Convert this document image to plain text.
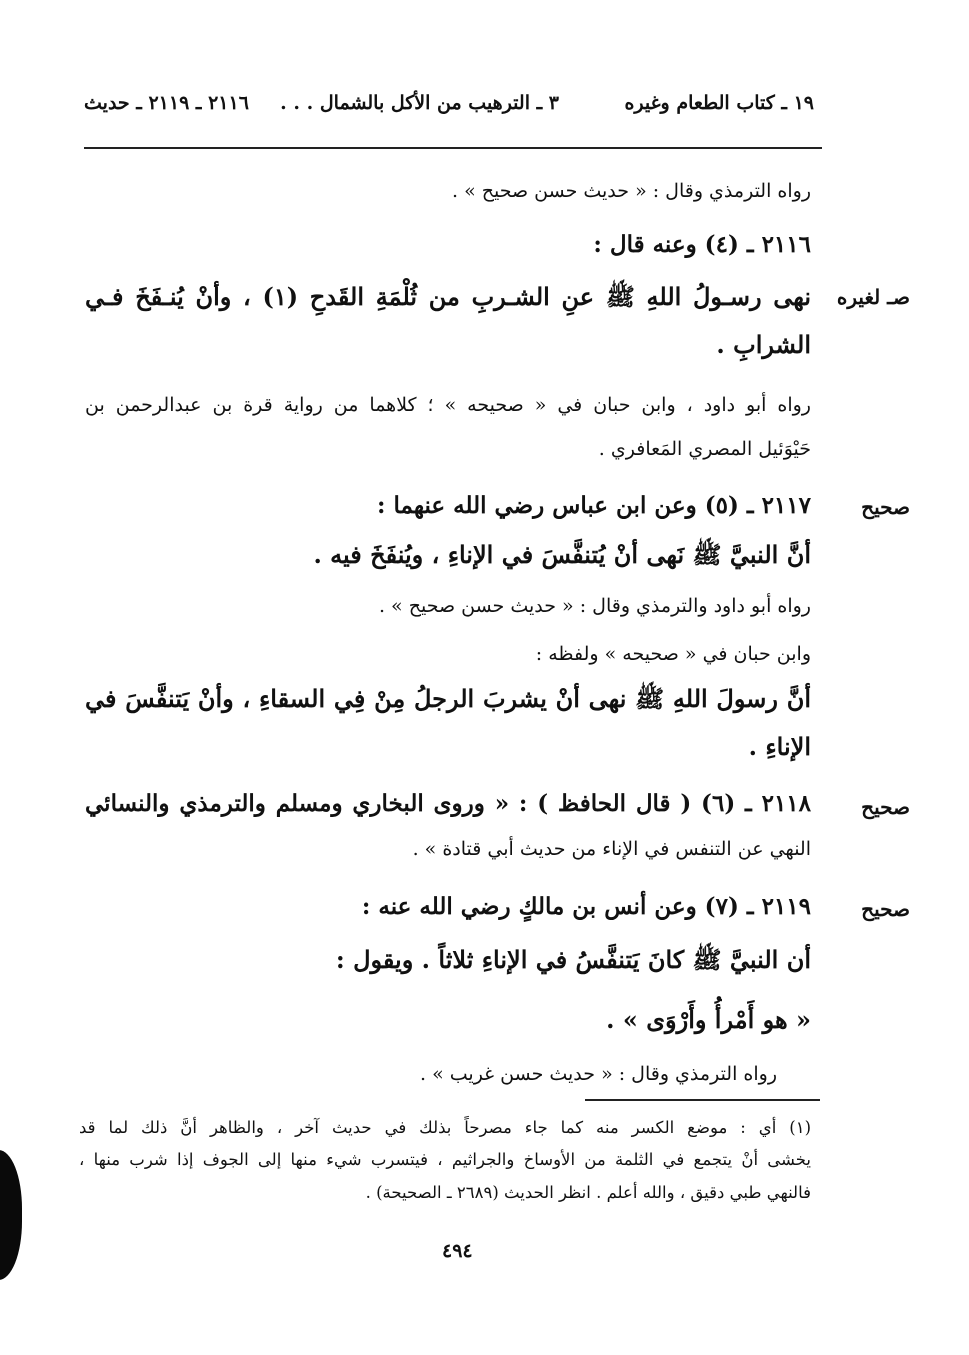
١٩ ـ كتاب الطعام وغيره
٣ ـ الترهيب من الأكل بالشمال . . .
٢١١٦ ـ ٢١١٩ ـ حديث
رواه الترمذي وقال : « حديث حسن صحيح » .
٢١١٦ ـ (٤) وعنه قال :
صـ لغيره
نهى رسـولُ اللهِ ﷺ عنِ الشـربِ من ثُلْمَةِ القَدحِ (١) ، وأنْ يُنـفَخَ فـي
الشرابِ .
رواه أبو داود ، وابن حبان في « صحيحه » ؛ كلاهما من رواية قرة بن عبدالرحمن بن
حَيْوَئيل المصري المَعافري .
صحيح
٢١١٧ ـ (٥) وعن ابن عباس رضي الله عنهما :
أنَّ النبيَّ ﷺ نَهى أنْ يُتنفَّسَ في الإناءِ ، ويُنفَخَ فيه .
رواه أبو داود والترمذي وقال : « حديث حسن صحيح » .
وابن حبان في « صحيحه » ولفظه :
أنَّ رسولَ اللهِ ﷺ نهى أنْ يشربَ الرجلُ مِنْ فِي السقاءِ ، وأنْ يَتنفَّسَ في
الإناءِ .
صحيح
٢١١٨ ـ (٦) ( قال الحافظ ) : « وروى البخاري ومسلم والترمذي والنسائي
النهي عن التنفس في الإناء من حديث أبي قتادة » .
صحيح
٢١١٩ ـ (٧) وعن أنس بن مالكٍ رضي الله عنه :
أن النبيَّ ﷺ كانَ يَتنفَّسُ في الإناءِ ثلاثاً . ويقول :
« هو أَمْرأُ وأَرْوَى » .
رواه الترمذي وقال : « حديث حسن غريب » .
(١) أي : موضع الكسر منه كما جاء مصرحاً بذلك في حديث آخر ، والظاهر أنَّ ذلك لما قد
يخشى أنْ يتجمع في الثلمة من الأوساخ والجراثيم ، فيتسرب شيء منها إلى الجوف إذا شرب منها ،
فالنهي طبي دقيق ، والله أعلم . انظر الحديث (٢٦٨٩ ـ الصحيحة) .
٤٩٤
